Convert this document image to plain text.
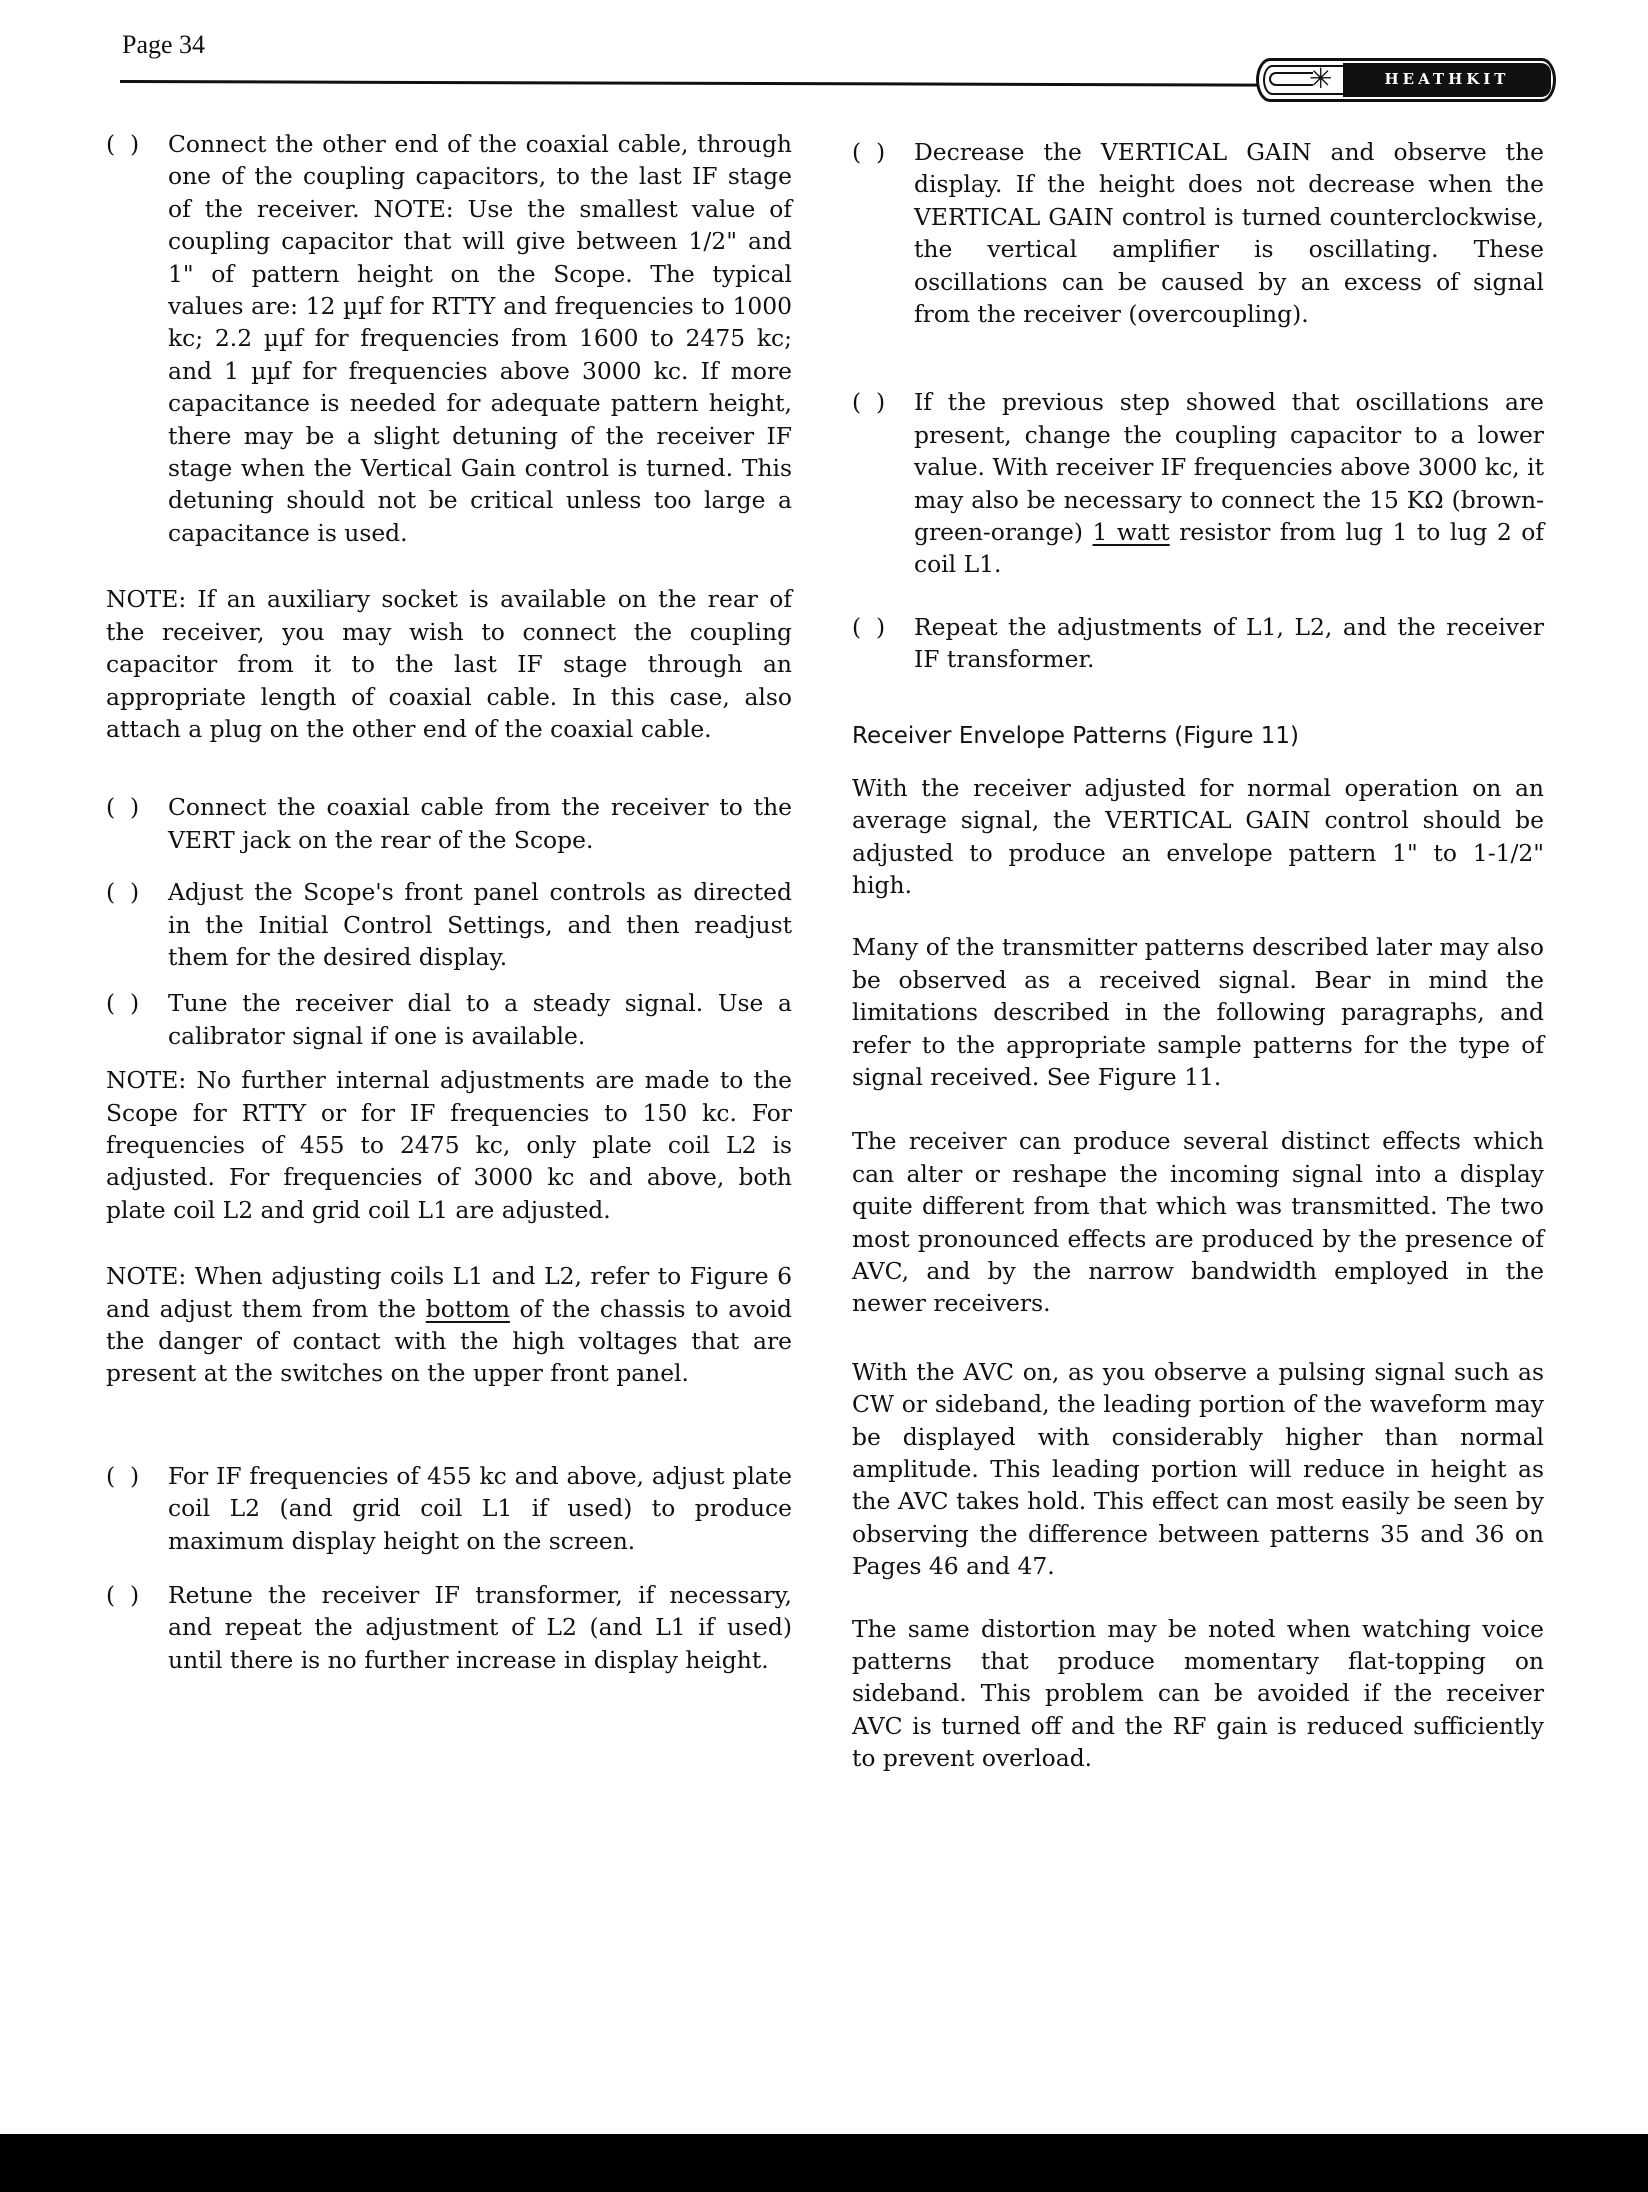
Page 34
✳	HEATHKIT
(  )	Connect the other end of the coaxial cable, through one of the coupling capacitors, to the last IF stage of the receiver. NOTE: Use the smallest value of coupling capacitor that will give between 1/2" and 1" of pattern height on the Scope. The typical values are: 12 µµf for RTTY and frequencies to 1000 kc; 2.2 µµf for frequencies from 1600 to 2475 kc; and 1 µµf for frequencies above 3000 kc. If more capacitance is needed for adequate pattern height, there may be a slight detuning of the receiver IF stage when the Vertical Gain control is turned. This detuning should not be critical unless too large a capacitance is used.

NOTE: If an auxiliary socket is available on the rear of the receiver, you may wish to connect the coupling capacitor from it to the last IF stage through an appropriate length of coaxial cable. In this case, also attach a plug on the other end of the coaxial cable.

(  )	Connect the coaxial cable from the receiver to the VERT jack on the rear of the Scope.
(  )	Adjust the Scope's front panel controls as directed in the Initial Control Settings, and then readjust them for the desired display.
(  )	Tune the receiver dial to a steady signal. Use a calibrator signal if one is available.

NOTE: No further internal adjustments are made to the Scope for RTTY or for IF frequencies to 150 kc. For frequencies of 455 to 2475 kc, only plate coil L2 is adjusted. For frequencies of 3000 kc and above, both plate coil L2 and grid coil L1 are adjusted.

NOTE: When adjusting coils L1 and L2, refer to Figure 6 and adjust them from the bottom of the chassis to avoid the danger of contact with the high voltages that are present at the switches on the upper front panel.

(  )	For IF frequencies of 455 kc and above, adjust plate coil L2 (and grid coil L1 if used) to produce maximum display height on the screen.
(  )	Retune the receiver IF transformer, if necessary, and repeat the adjustment of L2 (and L1 if used) until there is no further increase in display height.
(  )	Decrease the VERTICAL GAIN and observe the display. If the height does not decrease when the VERTICAL GAIN control is turned counterclockwise, the vertical amplifier is oscillating. These oscillations can be caused by an excess of signal from the receiver (overcoupling).
(  )	If the previous step showed that oscillations are present, change the coupling capacitor to a lower value. With receiver IF frequencies above 3000 kc, it may also be necessary to connect the 15 KΩ (brown-green-orange) 1 watt resistor from lug 1 to lug 2 of coil L1.
(  )	Repeat the adjustments of L1, L2, and the receiver IF transformer.
Receiver Envelope Patterns (Figure 11)

With the receiver adjusted for normal operation on an average signal, the VERTICAL GAIN control should be adjusted to produce an envelope pattern 1" to 1-1/2" high.

Many of the transmitter patterns described later may also be observed as a received signal. Bear in mind the limitations described in the following paragraphs, and refer to the appropriate sample patterns for the type of signal received. See Figure 11.

The receiver can produce several distinct effects which can alter or reshape the incoming signal into a display quite different from that which was transmitted. The two most pronounced effects are produced by the presence of AVC, and by the narrow bandwidth employed in the newer receivers.

With the AVC on, as you observe a pulsing signal such as CW or sideband, the leading portion of the waveform may be displayed with considerably higher than normal amplitude. This leading portion will reduce in height as the AVC takes hold. This effect can most easily be seen by observing the difference between patterns 35 and 36 on Pages 46 and 47.

The same distortion may be noted when watching voice patterns that produce momentary flat-topping on sideband. This problem can be avoided if the receiver AVC is turned off and the RF gain is reduced sufficiently to prevent overload.
